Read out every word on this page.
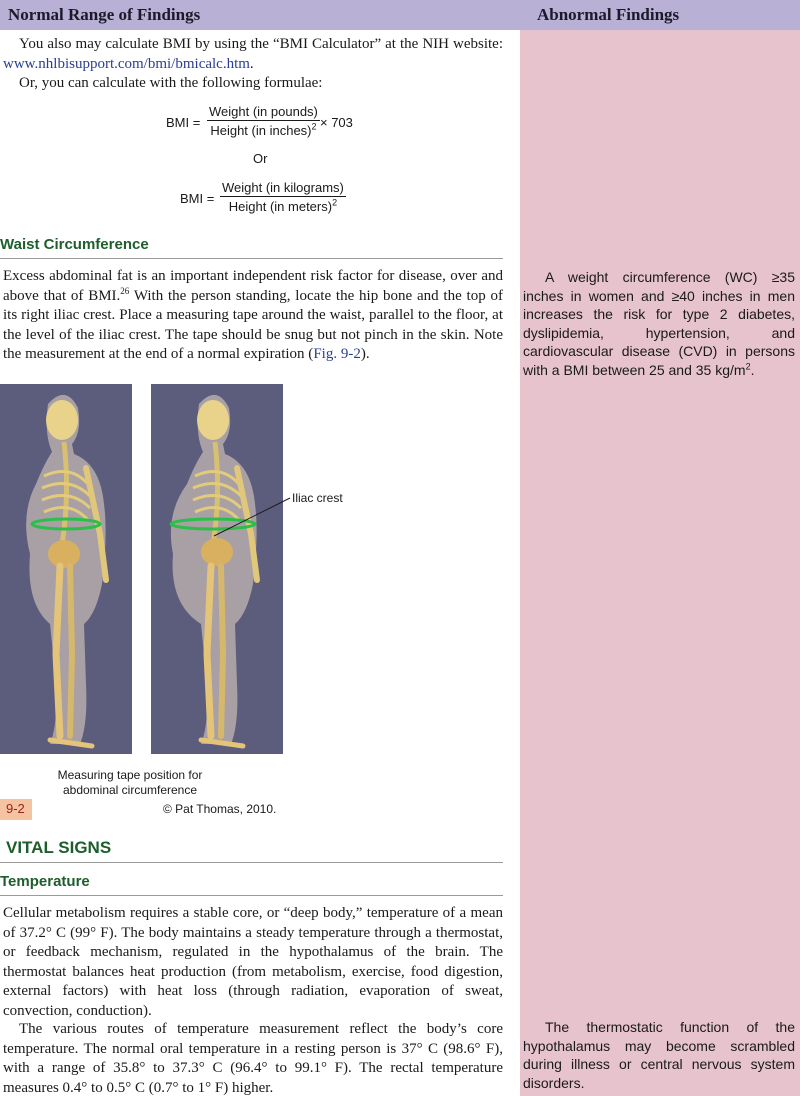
Normal Range of Findings	Abnormal Findings

You also may calculate BMI by using the “BMI Calculator” at the NIH website: www.nhlbisupport.com/bmi/bmicalc.htm.

Or, you can calculate with the following formulae:

BMI =
Weight (in pounds)
Height (in inches)$^2$ × 703
Or
BMI =
Weight (in kilograms)
Height (in meters)$^2$
Waist Circumference

Excess abdominal fat is an important independent risk factor for disease, over and above that of BMI.$^{26}$ With the person standing, locate the hip bone and the top of its right iliac crest. Place a measuring tape around the waist, parallel to the floor, at the level of the iliac crest. The tape should be snug but not pinch in the skin. Note the measurement at the end of a normal expiration (Fig. 9-2).

A weight circumference (WC) ≥35 inches in women and ≥40 inches in men increases the risk for type 2 diabetes, dyslipidemia, hypertension, and cardiovascular disease (CVD) in persons with a BMI between 25 and 35 $kg/m^2$.

Iliac crest

Measuring tape position for abdominal circumference

9-2	© Pat Thomas, 2010.
VITAL SIGNS
Temperature

Cellular metabolism requires a stable core, or “deep body,” temperature of a mean of 37.2° C (99° F). The body maintains a steady temperature through a thermostat, or feedback mechanism, regulated in the hypothalamus of the brain. The thermostat balances heat production (from metabolism, exercise, food digestion, external factors) with heat loss (through radiation, evaporation of sweat, convection, conduction).

The various routes of temperature measurement reflect the body’s core temperature. The normal oral temperature in a resting person is 37° C (98.6° F), with a range of 35.8° to 37.3° C (96.4° to 99.1° F). The rectal temperature measures 0.4° to 0.5° C (0.7° to 1° F) higher.

The thermostatic function of the hypothalamus may become scrambled during illness or central nervous system disorders.
